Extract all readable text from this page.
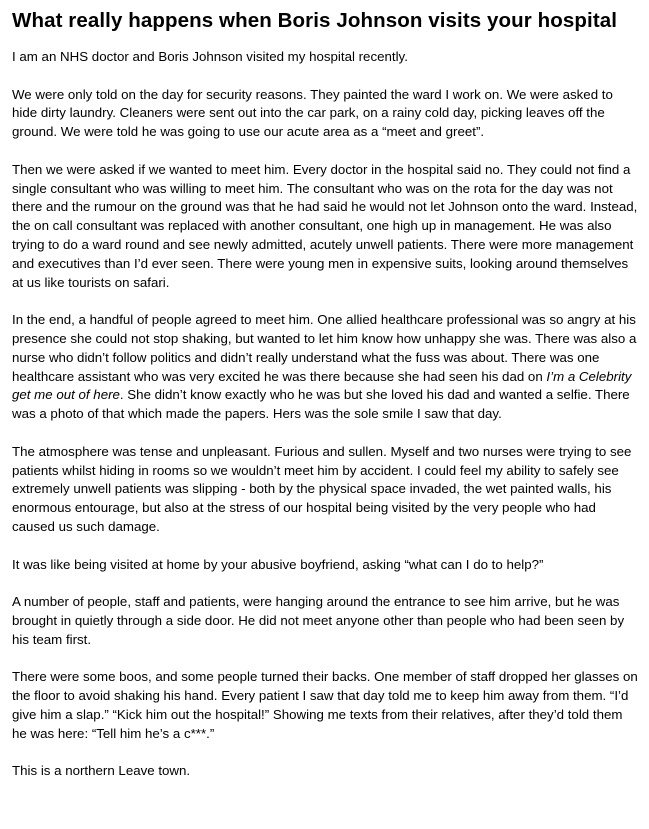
What really happens when Boris Johnson visits your hospital

I am an NHS doctor and Boris Johnson visited my hospital recently.

We were only told on the day for security reasons. They painted the ward I work on. We were asked to hide dirty laundry. Cleaners were sent out into the car park, on a rainy cold day, picking leaves off the ground. We were told he was going to use our acute area as a “meet and greet”.

Then we were asked if we wanted to meet him. Every doctor in the hospital said no. They could not find a single consultant who was willing to meet him. The consultant who was on the rota for the day was not there and the rumour on the ground was that he had said he would not let Johnson onto the ward. Instead, the on call consultant was replaced with another consultant, one high up in management. He was also trying to do a ward round and see newly admitted, acutely unwell patients. There were more management and executives than I’d ever seen. There were young men in expensive suits, looking around themselves at us like tourists on safari.

In the end, a handful of people agreed to meet him. One allied healthcare professional was so angry at his presence she could not stop shaking, but wanted to let him know how unhappy she was. There was also a nurse who didn’t follow politics and didn’t really understand what the fuss was about. There was one healthcare assistant who was very excited he was there because she had seen his dad on I’m a Celebrity get me out of here. She didn’t know exactly who he was but she loved his dad and wanted a selfie. There was a photo of that which made the papers. Hers was the sole smile I saw that day.

The atmosphere was tense and unpleasant. Furious and sullen. Myself and two nurses were trying to see patients whilst hiding in rooms so we wouldn’t meet him by accident. I could feel my ability to safely see extremely unwell patients was slipping - both by the physical space invaded, the wet painted walls, his enormous entourage, but also at the stress of our hospital being visited by the very people who had caused us such damage.

It was like being visited at home by your abusive boyfriend, asking “what can I do to help?”

A number of people, staff and patients, were hanging around the entrance to see him arrive, but he was brought in quietly through a side door. He did not meet anyone other than people who had been seen by his team first.

There were some boos, and some people turned their backs. One member of staff dropped her glasses on the floor to avoid shaking his hand. Every patient I saw that day told me to keep him away from them. “I’d give him a slap.” “Kick him out the hospital!” Showing me texts from their relatives, after they’d told them he was here: “Tell him he’s a c***.”

This is a northern Leave town.
